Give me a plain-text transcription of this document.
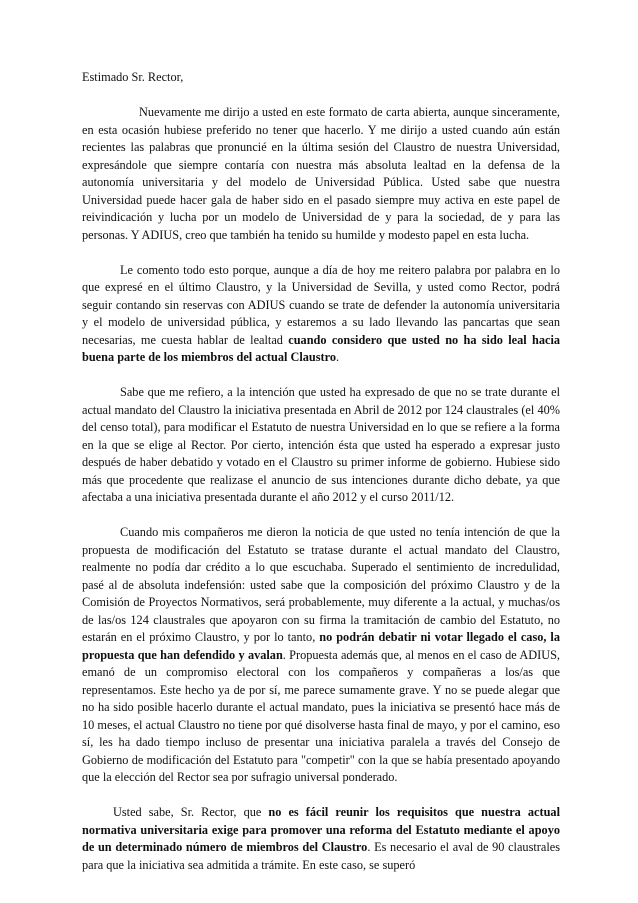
Estimado Sr. Rector,

Nuevamente me dirijo a usted en este formato de carta abierta, aunque sinceramente, en esta ocasión hubiese preferido no tener que hacerlo. Y me dirijo a usted cuando aún están recientes las palabras que pronuncié en la última sesión del Claustro de nuestra Universidad, expresándole que siempre contaría con nuestra más absoluta lealtad en la defensa de la autonomía universitaria y del modelo de Universidad Pública. Usted sabe que nuestra Universidad puede hacer gala de haber sido en el pasado siempre muy activa en este papel de reivindicación y lucha por un modelo de Universidad de y para la sociedad, de y para las personas. Y ADIUS, creo que también ha tenido su humilde y modesto papel en esta lucha.

Le comento todo esto porque, aunque a día de hoy me reitero palabra por palabra en lo que expresé en el último Claustro, y la Universidad de Sevilla, y usted como Rector, podrá seguir contando sin reservas con ADIUS cuando se trate de defender la autonomía universitaria y el modelo de universidad pública, y estaremos a su lado llevando las pancartas que sean necesarias, me cuesta hablar de lealtad cuando considero que usted no ha sido leal hacia buena parte de los miembros del actual Claustro.

Sabe que me refiero, a la intención que usted ha expresado de que no se trate durante el actual mandato del Claustro la iniciativa presentada en Abril de 2012 por 124 claustrales (el 40% del censo total), para modificar el Estatuto de nuestra Universidad en lo que se refiere a la forma en la que se elige al Rector. Por cierto, intención ésta que usted ha esperado a expresar justo después de haber debatido y votado en el Claustro su primer informe de gobierno. Hubiese sido más que procedente que realizase el anuncio de sus intenciones durante dicho debate, ya que afectaba a una iniciativa presentada durante el año 2012 y el curso 2011/12.

Cuando mis compañeros me dieron la noticia de que usted no tenía intención de que la propuesta de modificación del Estatuto se tratase durante el actual mandato del Claustro, realmente no podía dar crédito a lo que escuchaba. Superado el sentimiento de incredulidad, pasé al de absoluta indefensión: usted sabe que la composición del próximo Claustro y de la Comisión de Proyectos Normativos, será probablemente, muy diferente a la actual, y muchas/os de las/os 124 claustrales que apoyaron con su firma la tramitación de cambio del Estatuto, no estarán en el próximo Claustro, y por lo tanto, no podrán debatir ni votar llegado el caso, la propuesta que han defendido y avalan. Propuesta además que, al menos en el caso de ADIUS, emanó de un compromiso electoral con los compañeros y compañeras a los/as que representamos. Este hecho ya de por sí, me parece sumamente grave. Y no se puede alegar que no ha sido posible hacerlo durante el actual mandato, pues la iniciativa se presentó hace más de 10 meses, el actual Claustro no tiene por qué disolverse hasta final de mayo, y por el camino, eso sí, les ha dado tiempo incluso de presentar una iniciativa paralela a través del Consejo de Gobierno de modificación del Estatuto para "competir" con la que se había presentado apoyando que la elección del Rector sea por sufragio universal ponderado.

Usted sabe, Sr. Rector, que no es fácil reunir los requisitos que nuestra actual normativa universitaria exige para promover una reforma del Estatuto mediante el apoyo de un determinado número de miembros del Claustro. Es necesario el aval de 90 claustrales para que la iniciativa sea admitida a trámite. En este caso, se superó
